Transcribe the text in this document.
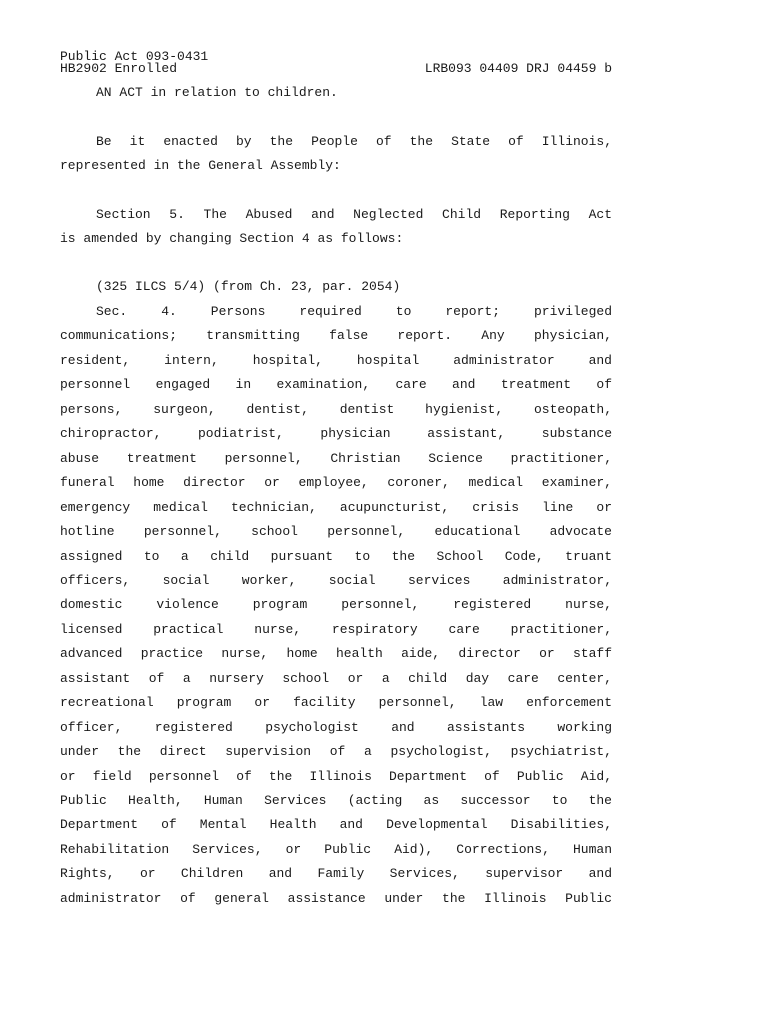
Public Act 093-0431
HB2902 Enrolled	LRB093 04409 DRJ 04459 b
AN ACT in relation to children.
Be it enacted by the People of the State of Illinois,
represented in the General Assembly:
Section 5. The Abused and Neglected Child Reporting Act
is amended by changing Section 4 as follows:
(325 ILCS 5/4) (from Ch. 23, par. 2054)
Sec. 4. Persons required to report; privileged
communications; transmitting false report. Any physician,
resident, intern, hospital, hospital administrator and
personnel engaged in examination, care and treatment of
persons, surgeon, dentist, dentist hygienist, osteopath,
chiropractor, podiatrist, physician assistant, substance
abuse treatment personnel, Christian Science practitioner,
funeral home director or employee, coroner, medical examiner,
emergency medical technician, acupuncturist, crisis line or
hotline personnel, school personnel, educational advocate
assigned to a child pursuant to the School Code, truant
officers, social worker, social services administrator,
domestic violence program personnel, registered nurse,
licensed practical nurse, respiratory care practitioner,
advanced practice nurse, home health aide, director or staff
assistant of a nursery school or a child day care center,
recreational program or facility personnel, law enforcement
officer, registered psychologist and assistants working
under the direct supervision of a psychologist, psychiatrist,
or field personnel of the Illinois Department of Public Aid,
Public Health, Human Services (acting as successor to the
Department of Mental Health and Developmental Disabilities,
Rehabilitation Services, or Public Aid), Corrections, Human
Rights, or Children and Family Services, supervisor and
administrator of general assistance under the Illinois Public
